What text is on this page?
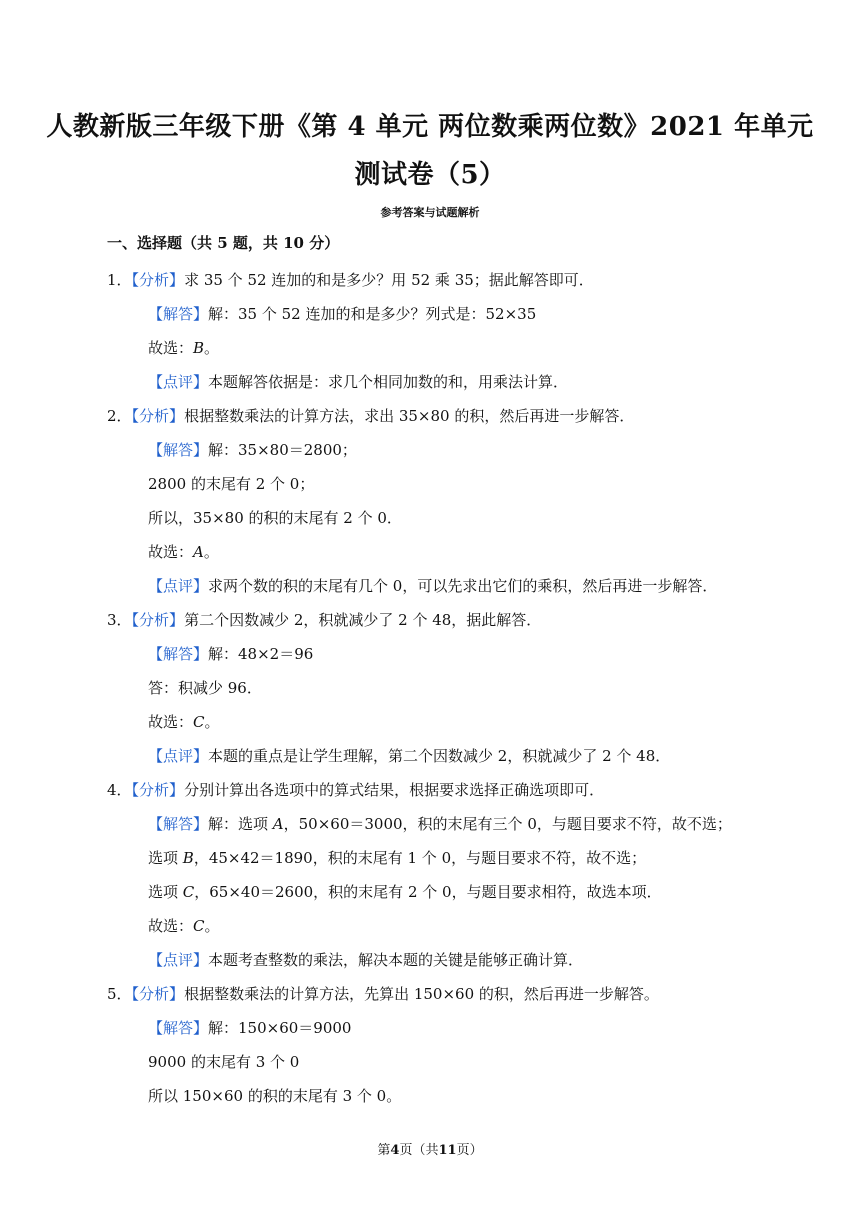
人教新版三年级下册《第 4 单元 两位数乘两位数》2021 年单元
测试卷（5）
参考答案与试题解析
一、选择题（共 5 题，共 10 分）
1．【分析】求 35 个 52 连加的和是多少？用 52 乘 35；据此解答即可．
【解答】解：35 个 52 连加的和是多少？列式是：52×35
故选：B。
【点评】本题解答依据是：求几个相同加数的和，用乘法计算．
2．【分析】根据整数乘法的计算方法，求出 35×80 的积，然后再进一步解答．
【解答】解：35×80＝2800；
2800 的末尾有 2 个 0；
所以，35×80 的积的末尾有 2 个 0．
故选：A。
【点评】求两个数的积的末尾有几个 0，可以先求出它们的乘积，然后再进一步解答．
3．【分析】第二个因数减少 2，积就减少了 2 个 48，据此解答．
【解答】解：48×2＝96
答：积减少 96．
故选：C。
【点评】本题的重点是让学生理解，第二个因数减少 2，积就减少了 2 个 48．
4．【分析】分别计算出各选项中的算式结果，根据要求选择正确选项即可．
【解答】解：选项 A，50×60＝3000，积的末尾有三个 0，与题目要求不符，故不选；
选项 B，45×42＝1890，积的末尾有 1 个 0，与题目要求不符，故不选；
选项 C，65×40＝2600，积的末尾有 2 个 0，与题目要求相符，故选本项．
故选：C。
【点评】本题考查整数的乘法，解决本题的关键是能够正确计算．
5．【分析】根据整数乘法的计算方法，先算出 150×60 的积，然后再进一步解答。
【解答】解：150×60＝9000
9000 的末尾有 3 个 0
所以 150×60 的积的末尾有 3 个 0。
第4页（共11页）
